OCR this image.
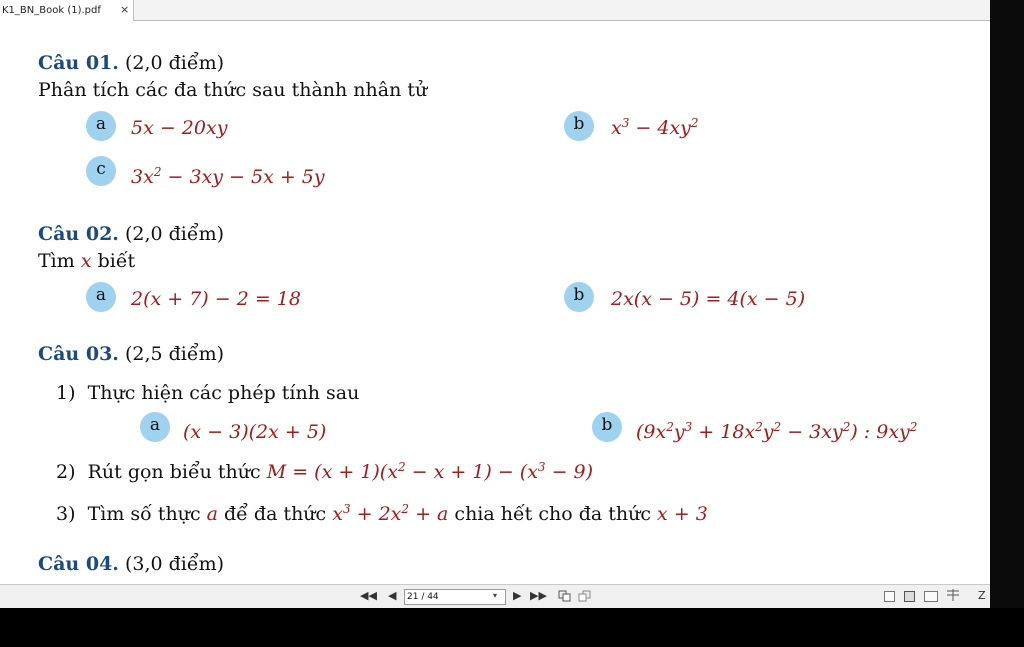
K1_BN_Book (1).pdf ×
Câu 01. (2,0 điểm)
Phân tích các đa thức sau thành nhân tử
a	5x − 20xy	b	$x^3 - 4xy^2$
c	$3x^2 - 3xy - 5x + 5y$
Câu 02. (2,0 điểm)
Tìm x biết
a	2(x + 7) − 2 = 18	b	2x(x − 5) = 4(x − 5)
Câu 03. (2,5 điểm)
1) Thực hiện các phép tính sau
a	(x − 3)(2x + 5)	b	$(9x^2y^3 + 18x^2y^2 - 3xy^2)$ : $9xy^2$
2) Rút gọn biểu thức $M = (x + 1)(x^2 - x + 1) - (x^3 - 9)$
3) Tìm số thực a để đa thức $x^3 + 2x^2 + a$ chia hết cho đa thức x + 3
Câu 04. (3,0 điểm)
◀◀ ◀
21 / 44	▾ ▶ ▶▶	Z
